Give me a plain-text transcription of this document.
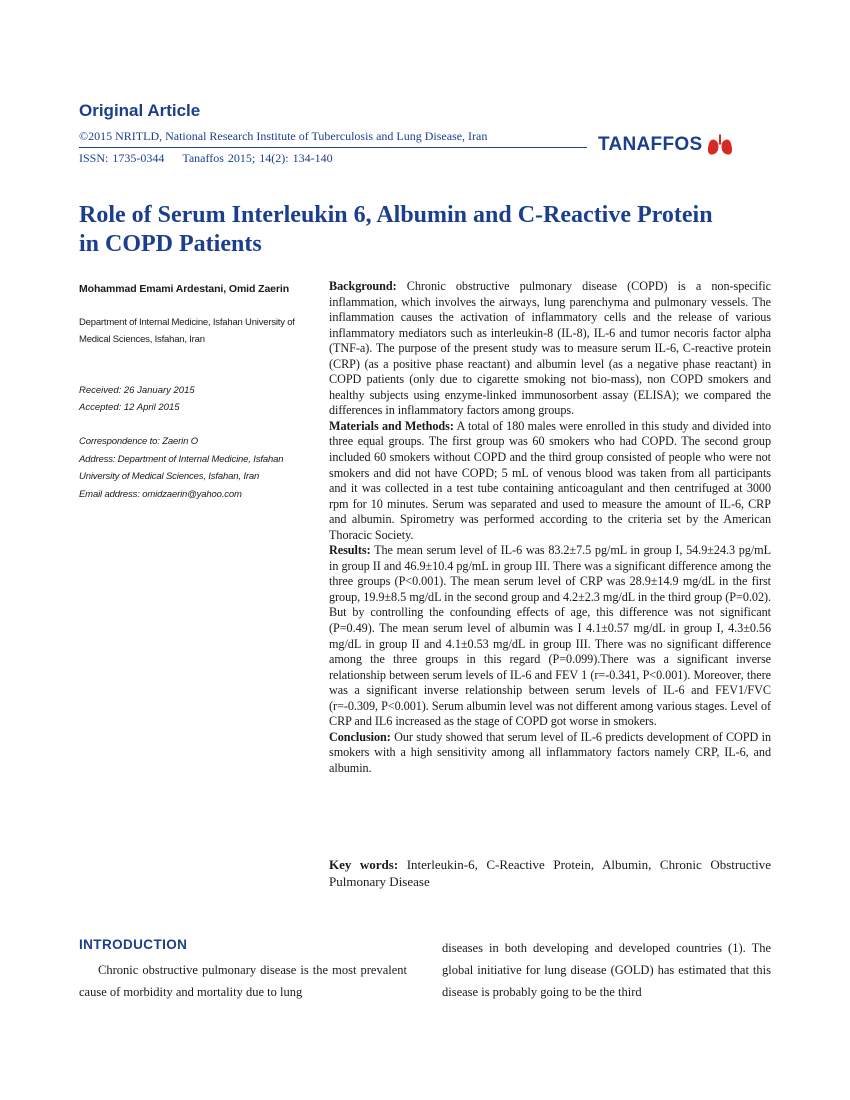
Original Article
©2015 NRITLD, National Research Institute of Tuberculosis and Lung Disease, Iran
ISSN: 1735-0344 Tanaffos 2015; 14(2): 134-140
TANAFFOS
Role of Serum Interleukin 6, Albumin and C-Reactive Protein in COPD Patients
Mohammad Emami Ardestani, Omid Zaerin
Department of Internal Medicine, Isfahan University of Medical Sciences, Isfahan, Iran
Received: 26 January 2015
Accepted: 12 April 2015
Correspondence to: Zaerin O
Address: Department of Internal Medicine, Isfahan University of Medical Sciences, Isfahan, Iran
Email address: omidzaerin@yahoo.com

Background: Chronic obstructive pulmonary disease (COPD) is a non-specific inflammation, which involves the airways, lung parenchyma and pulmonary vessels. The inflammation causes the activation of inflammatory cells and the release of various inflammatory mediators such as interleukin-8 (IL-8), IL-6 and tumor necoris factor alpha (TNF-a). The purpose of the present study was to measure serum IL-6, C-reactive protein (CRP) (as a positive phase reactant) and albumin level (as a negative phase reactant) in COPD patients (only due to cigarette smoking not bio-mass), non COPD smokers and healthy subjects using enzyme-linked immunosorbent assay (ELISA); we compared the differences in inflammatory factors among groups.

Materials and Methods: A total of 180 males were enrolled in this study and divided into three equal groups. The first group was 60 smokers who had COPD. The second group included 60 smokers without COPD and the third group consisted of people who were not smokers and did not have COPD; 5 mL of venous blood was taken from all participants and it was collected in a test tube containing anticoagulant and then centrifuged at 3000 rpm for 10 minutes. Serum was separated and used to measure the amount of IL-6, CRP and albumin. Spirometry was performed according to the criteria set by the American Thoracic Society.

Results: The mean serum level of IL-6 was 83.2±7.5 pg/mL in group I, 54.9±24.3 pg/mL in group II and 46.9±10.4 pg/mL in group III. There was a significant difference among the three groups (P<0.001). The mean serum level of CRP was 28.9±14.9 mg/dL in the first group, 19.9±8.5 mg/dL in the second group and 4.2±2.3 mg/dL in the third group (P=0.02). But by controlling the confounding effects of age, this difference was not significant (P=0.49). The mean serum level of albumin was I 4.1±0.57 mg/dL in group I, 4.3±0.56 mg/dL in group II and 4.1±0.53 mg/dL in group III. There was no significant difference among the three groups in this regard (P=0.099).There was a significant inverse relationship between serum levels of IL-6 and FEV 1 (r=-0.341, P<0.001). Moreover, there was a significant inverse relationship between serum levels of IL-6 and FEV1/FVC (r=-0.309, P<0.001). Serum albumin level was not different among various stages. Level of CRP and IL6 increased as the stage of COPD got worse in smokers.

Conclusion: Our study showed that serum level of IL-6 predicts development of COPD in smokers with a high sensitivity among all inflammatory factors namely CRP, IL-6, and albumin.

Key words: Interleukin-6, C-Reactive Protein, Albumin, Chronic Obstructive Pulmonary Disease
INTRODUCTION

Chronic obstructive pulmonary disease is the most prevalent cause of morbidity and mortality due to lung

diseases in both developing and developed countries (1). The global initiative for lung disease (GOLD) has estimated that this disease is probably going to be the third
